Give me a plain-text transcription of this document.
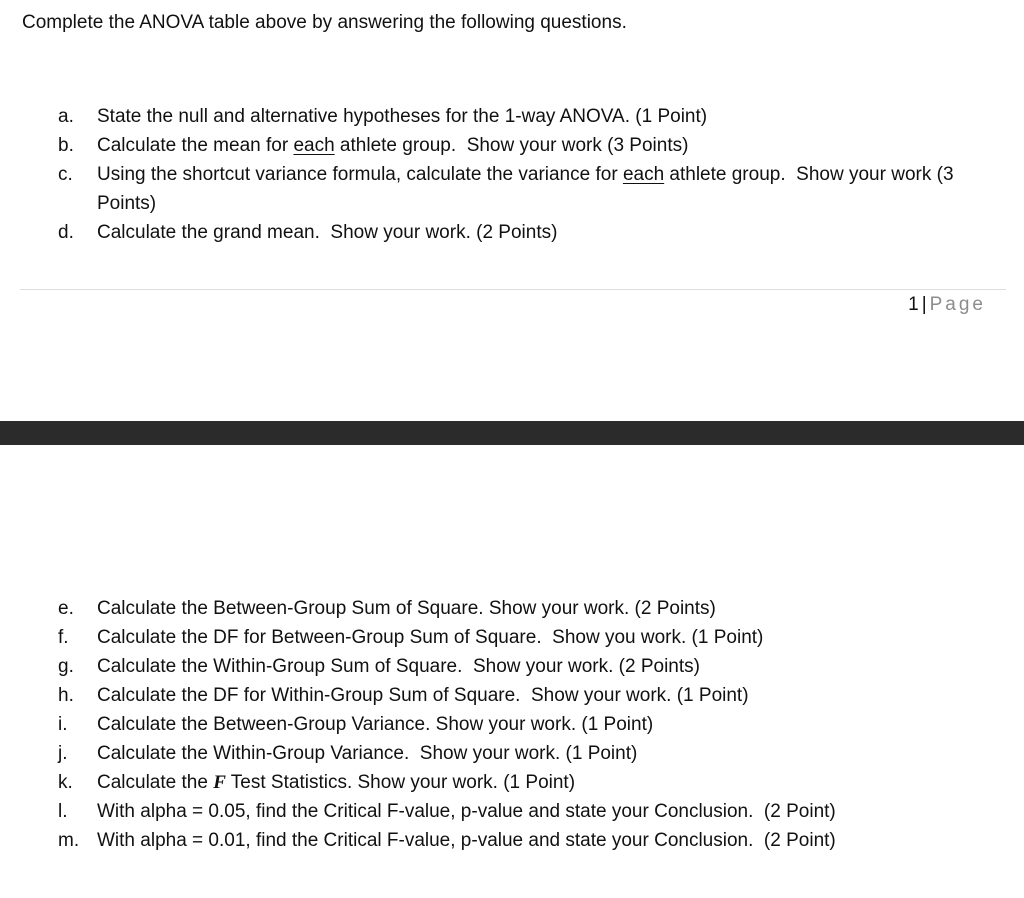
Complete the ANOVA table above by answering the following questions.
a.	State the null and alternative hypotheses for the 1-way ANOVA. (1 Point)
b.	Calculate the mean for each athlete group.  Show your work (3 Points)
c.	Using the shortcut variance formula, calculate the variance for each athlete group.  Show your work (3 Points)
d.	Calculate the grand mean.  Show your work. (2 Points)
1 | Page
e.	Calculate the Between-Group Sum of Square. Show your work. (2 Points)
f.	Calculate the DF for Between-Group Sum of Square.  Show you work. (1 Point)
g.	Calculate the Within-Group Sum of Square.  Show your work. (2 Points)
h.	Calculate the DF for Within-Group Sum of Square.  Show your work. (1 Point)
i.	Calculate the Between-Group Variance. Show your work. (1 Point)
j.	Calculate the Within-Group Variance.  Show your work. (1 Point)
k.	Calculate the F Test Statistics. Show your work. (1 Point)
l.	With alpha = 0.05, find the Critical F-value, p-value and state your Conclusion.  (2 Point)
m. With alpha = 0.01, find the Critical F-value, p-value and state your Conclusion.  (2 Point)
